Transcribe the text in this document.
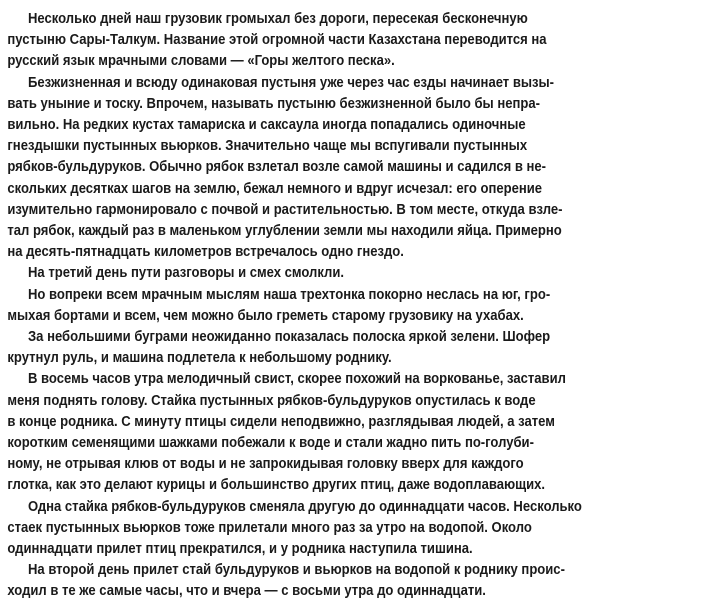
Несколько дней наш грузовик громыхал без дороги, пересекая бесконечную
пустыню Сары-Талкум. Название этой огромной части Казахстана переводится на
русский язык мрачными словами — «Горы желтого песка».

Безжизненная и всюду одинаковая пустыня уже через час езды начинает вызы-
вать уныние и тоску. Впрочем, называть пустыню безжизненной было бы непра-
вильно. На редких кустах тамариска и саксаула иногда попадались одиночные
гнездышки пустынных вьюрков. Значительно чаще мы вспугивали пустынных
рябков-бульдуруков. Обычно рябок взлетал возле самой машины и садился в не-
скольких десятках шагов на землю, бежал немного и вдруг исчезал: его оперение
изумительно гармонировало с почвой и растительностью. В том месте, откуда взле-
тал рябок, каждый раз в маленьком углублении земли мы находили яйца. Примерно
на десять-пятнадцать километров встречалось одно гнездо.

На третий день пути разговоры и смех смолкли.

Но вопреки всем мрачным мыслям наша трехтонка покорно неслась на юг, гро-
мыхая бортами и всем, чем можно было греметь старому грузовику на ухабах.

За небольшими буграми неожиданно показалась полоска яркой зелени. Шофер
крутнул руль, и машина подлетела к небольшому роднику.

В восемь часов утра мелодичный свист, скорее похожий на воркованье, заставил
меня поднять голову. Стайка пустынных рябков-бульдуруков опустилась к воде
в конце родника. С минуту птицы сидели неподвижно, разглядывая людей, а затем
коротким семенящими шажками побежали к воде и стали жадно пить по-голуби-
ному, не отрывая клюв от воды и не запрокидывая головку вверх для каждого
глотка, как это делают курицы и большинство других птиц, даже водоплавающих.

Одна стайка рябков-бульдуруков сменяла другую до одиннадцати часов. Несколько
стаек пустынных вьюрков тоже прилетали много раз за утро на водопой. Около
одиннадцати прилет птиц прекратился, и у родника наступила тишина.

На второй день прилет стай бульдуруков и вьюрков на водопой к роднику проис-
ходил в те же самые часы, что и вчера — с восьми утра до одиннадцати.
